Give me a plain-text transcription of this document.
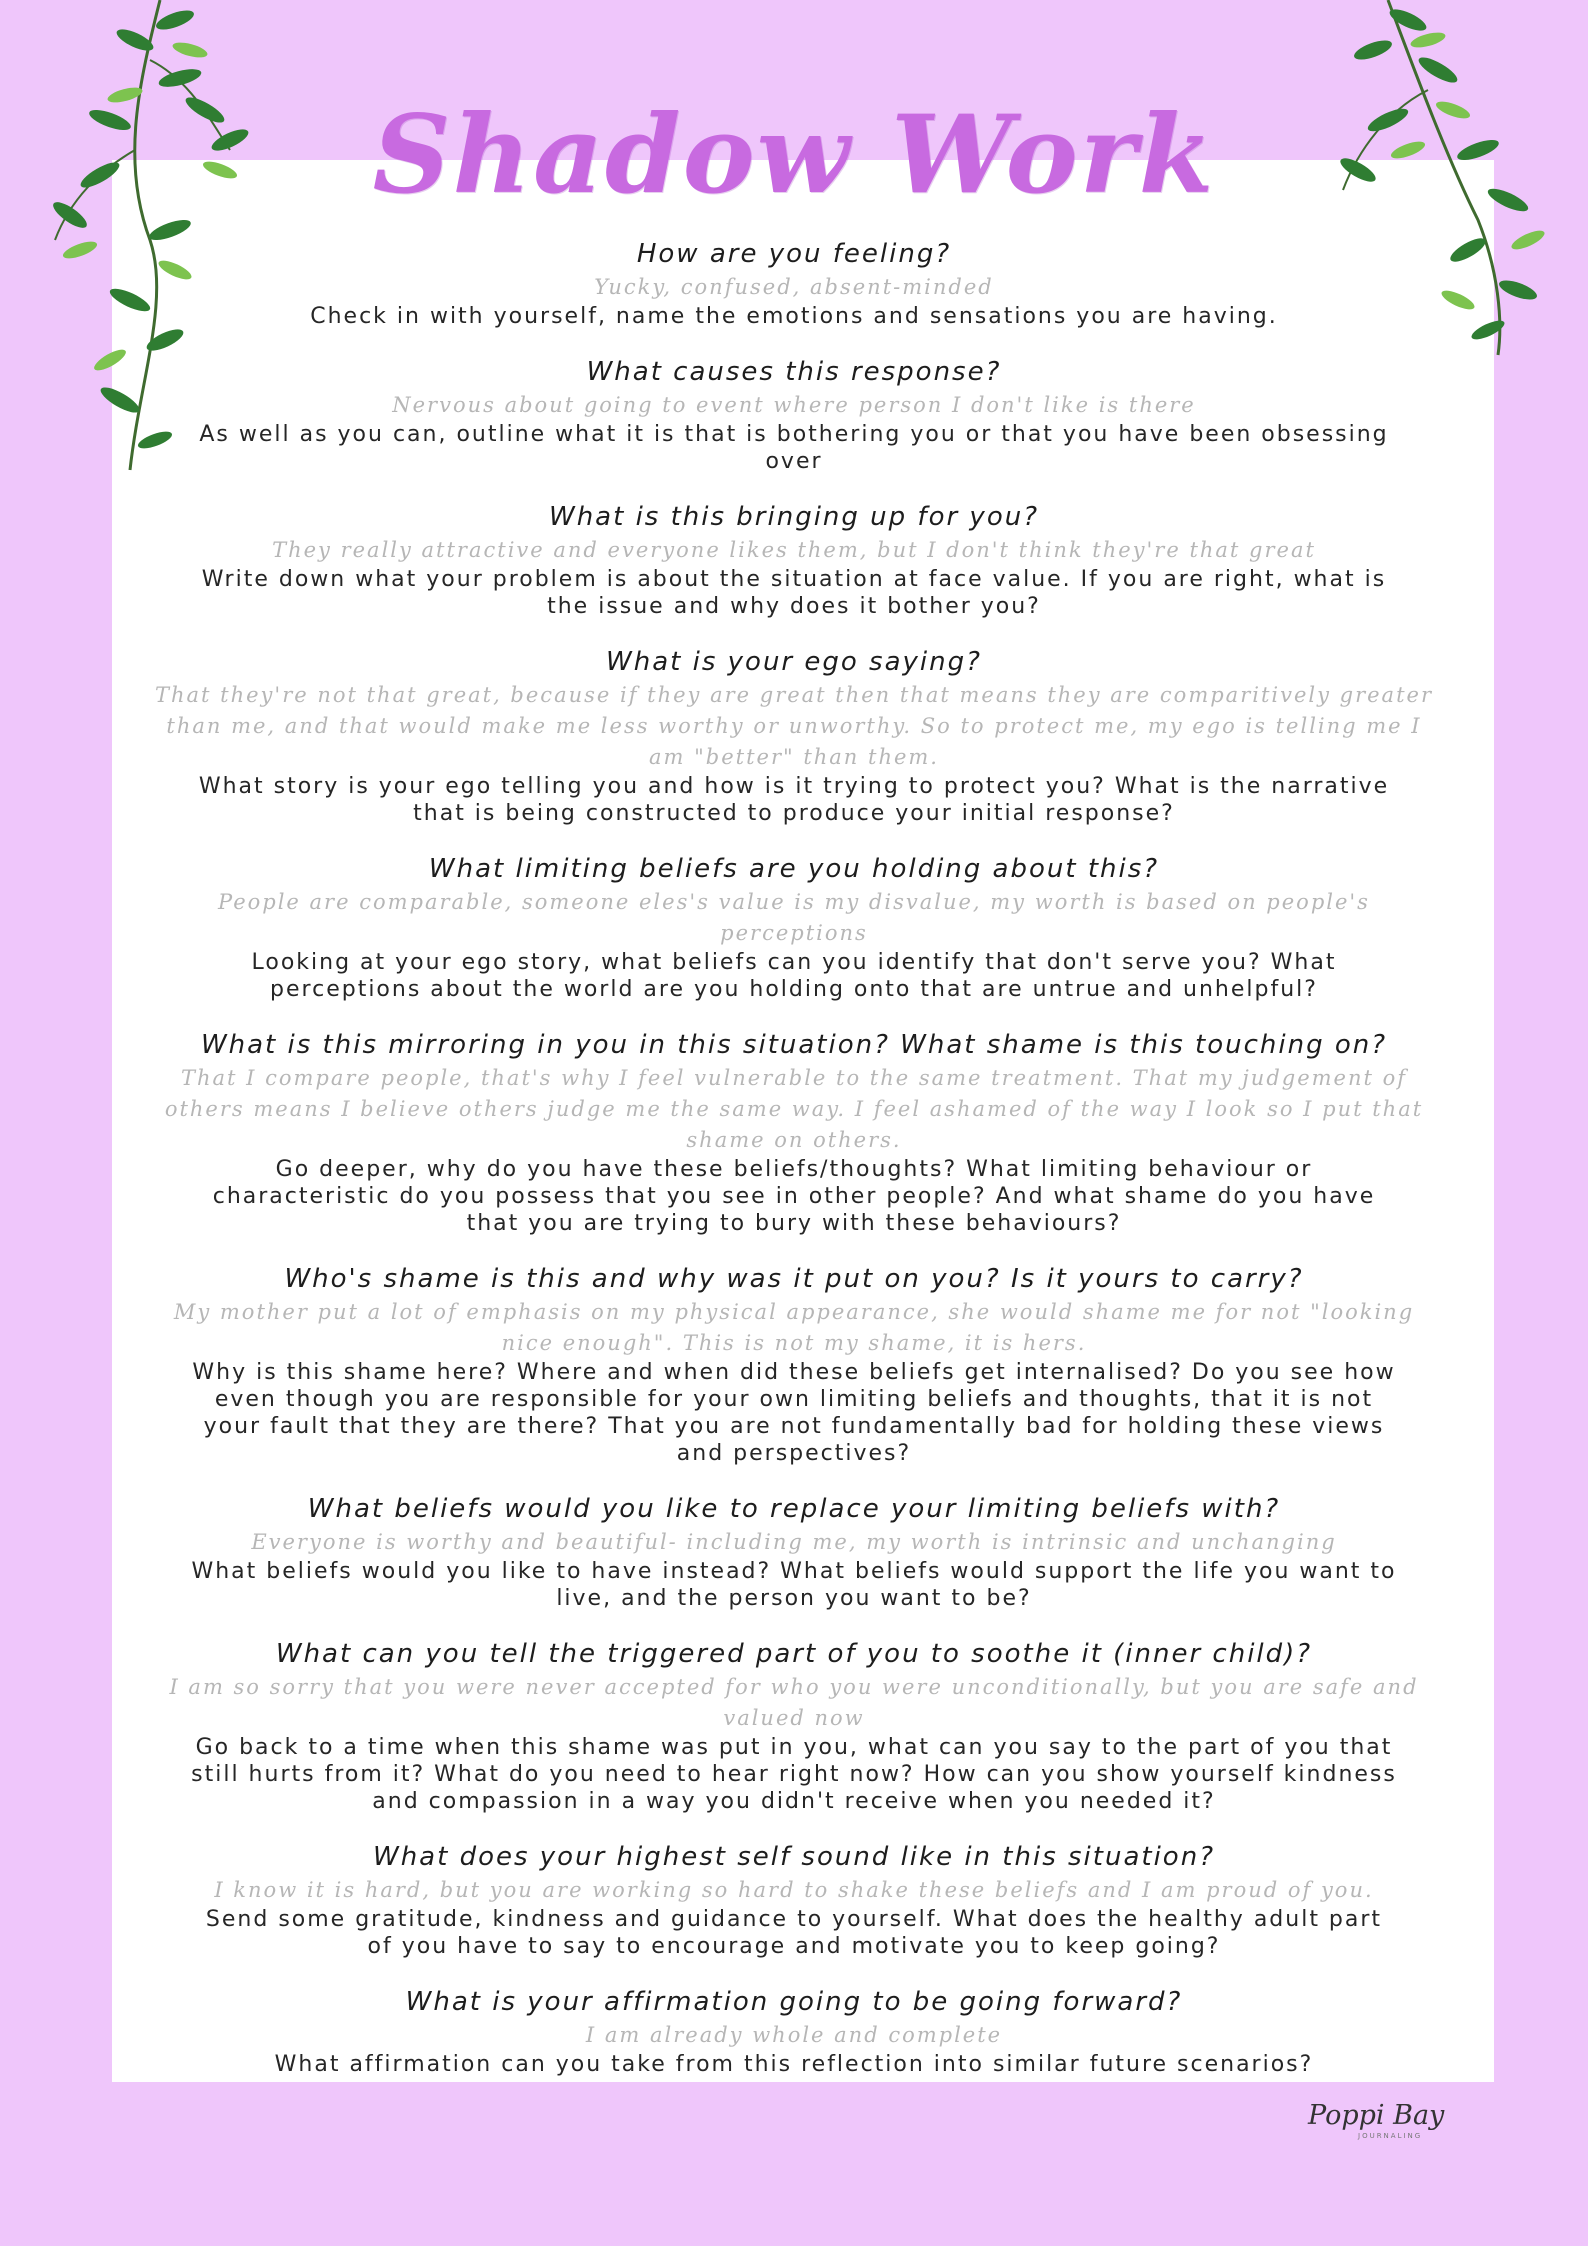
Shadow Work

How are you feeling?

Yucky, confused, absent-minded

Check in with yourself, name the emotions and sensations you are having.

What causes this response?

Nervous about going to event where person I don't like is there

As well as you can, outline what it is that is bothering you or that you have been obsessing over

What is this bringing up for you?

They really attractive and everyone likes them, but I don't think they're that great

Write down what your problem is about the situation at face value. If you are right, what is the issue and why does it bother you?

What is your ego saying?

That they're not that great, because if they are great then that means they are comparitively greater than me, and that would make me less worthy or unworthy. So to protect me, my ego is telling me I am "better" than them.

What story is your ego telling you and how is it trying to protect you? What is the narrative that is being constructed to produce your initial response?

What limiting beliefs are you holding about this?

People are comparable, someone eles's value is my disvalue, my worth is based on people's perceptions

Looking at your ego story, what beliefs can you identify that don't serve you? What perceptions about the world are you holding onto that are untrue and unhelpful?

What is this mirroring in you in this situation? What shame is this touching on?

That I compare people, that's why I feel vulnerable to the same treatment. That my judgement of others means I believe others judge me the same way. I feel ashamed of the way I look so I put that shame on others.

Go deeper, why do you have these beliefs/thoughts? What limiting behaviour or characteristic do you possess that you see in other people? And what shame do you have that you are trying to bury with these behaviours?

Who's shame is this and why was it put on you? Is it yours to carry?

My mother put a lot of emphasis on my physical appearance, she would shame me for not "looking nice enough". This is not my shame, it is hers.

Why is this shame here? Where and when did these beliefs get internalised? Do you see how even though you are responsible for your own limiting beliefs and thoughts, that it is not your fault that they are there? That you are not fundamentally bad for holding these views and perspectives?

What beliefs would you like to replace your limiting beliefs with?

Everyone is worthy and beautiful- including me, my worth is intrinsic and unchanging

What beliefs would you like to have instead? What beliefs would support the life you want to live, and the person you want to be?

What can you tell the triggered part of you to soothe it (inner child)?

I am so sorry that you were never accepted for who you were unconditionally, but you are safe and valued now

Go back to a time when this shame was put in you, what can you say to the part of you that still hurts from it? What do you need to hear right now? How can you show yourself kindness and compassion in a way you didn't receive when you needed it?

What does your highest self sound like in this situation?

I know it is hard, but you are working so hard to shake these beliefs and I am proud of you.

Send some gratitude, kindness and guidance to yourself. What does the healthy adult part of you have to say to encourage and motivate you to keep going?

What is your affirmation going to be going forward?

I am already whole and complete

What affirmation can you take from this reflection into similar future scenarios?

Poppi Bay
JOURNALING
